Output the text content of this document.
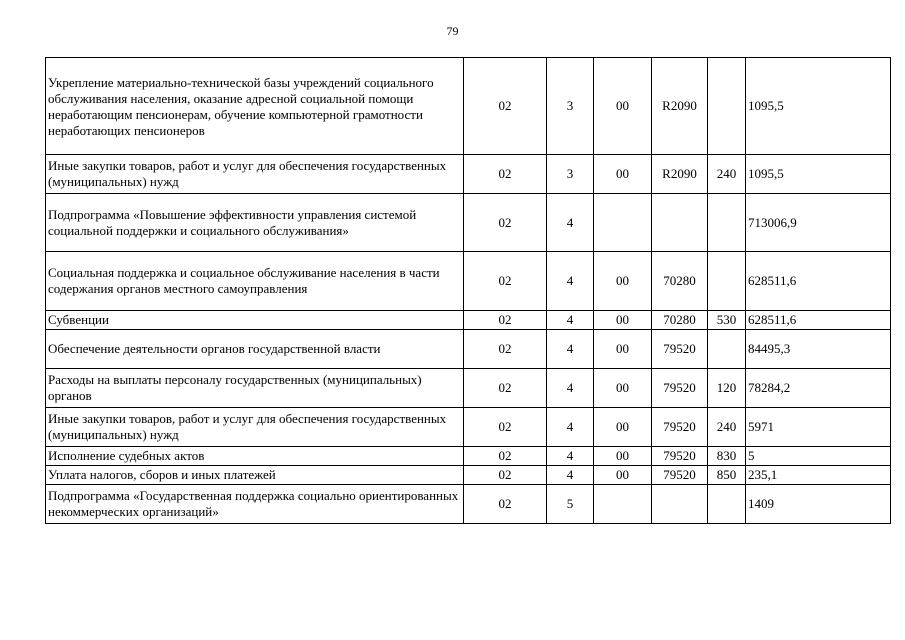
79
Укрепление материально-технической базы учреждений социального обслуживания населения, оказание адресной социальной помощи неработающим пенсионерам, обучение компьютерной грамотности неработающих пенсионеров	02	3	00	R2090		1095,5
Иные закупки товаров, работ и услуг для обеспечения государственных (муниципальных) нужд	02	3	00	R2090	240	1095,5
Подпрограмма «Повышение эффективности управления системой социальной поддержки и социального обслуживания»	02	4				713006,9
Социальная поддержка и социальное обслуживание населения в части содержания органов местного самоуправления	02	4	00	70280		628511,6
Субвенции	02	4	00	70280	530	628511,6
Обеспечение деятельности органов государственной власти	02	4	00	79520		84495,3
Расходы на выплаты персоналу государственных (муниципальных) органов	02	4	00	79520	120	78284,2
Иные закупки товаров, работ и услуг для обеспечения государственных (муниципальных) нужд	02	4	00	79520	240	5971
Исполнение судебных актов	02	4	00	79520	830	5
Уплата налогов, сборов и иных платежей	02	4	00	79520	850	235,1
Подпрограмма «Государственная поддержка социально ориентированных некоммерческих организаций»	02	5				1409
